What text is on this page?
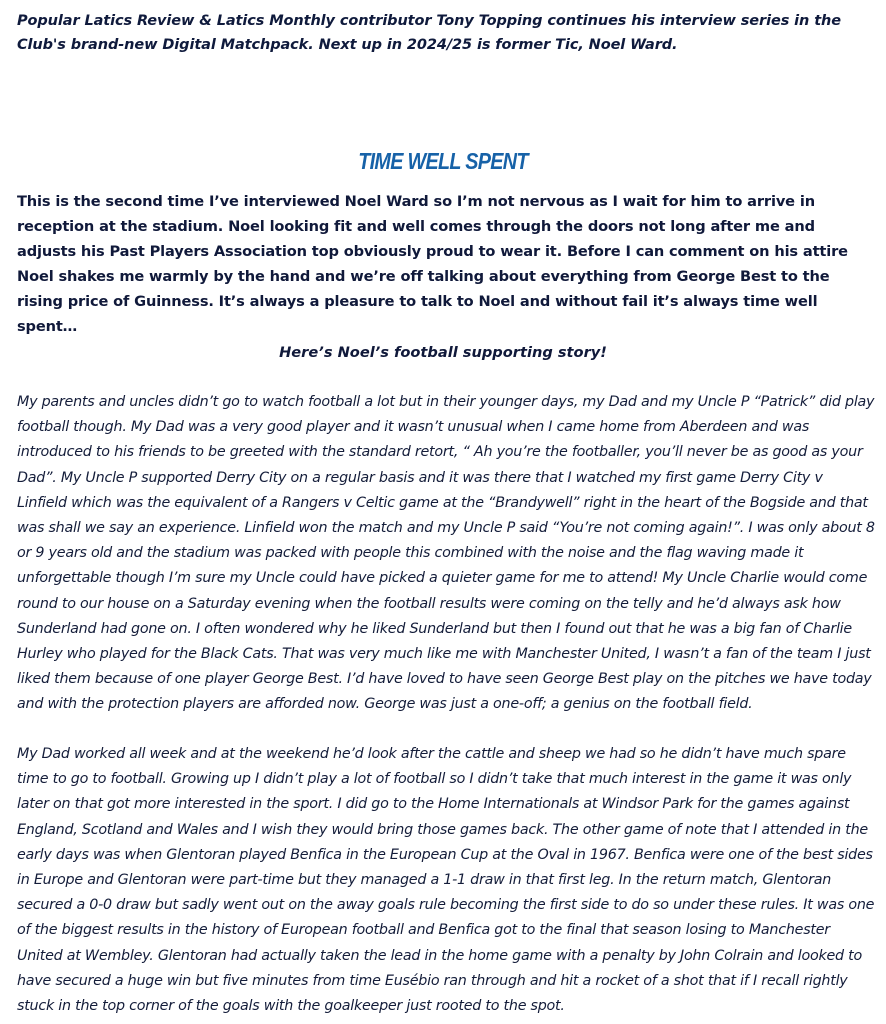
Popular Latics Review & Latics Monthly contributor Tony Topping continues his interview series in the Club's brand-new Digital Matchpack. Next up in 2024/25 is former Tic, Noel Ward.

TIME WELL SPENT

This is the second time I’ve interviewed Noel Ward so I’m not nervous as I wait for him to arrive in reception at the stadium. Noel looking fit and well comes through the doors not long after me and adjusts his Past Players Association top obviously proud to wear it. Before I can comment on his attire Noel shakes me warmly by the hand and we’re off talking about everything from George Best to the rising price of Guinness. It’s always a pleasure to talk to Noel and without fail it’s always time well spent…

Here’s Noel’s football supporting story!

My parents and uncles didn’t go to watch football a lot but in their younger days, my Dad and my Uncle P “Patrick” did play football though. My Dad was a very good player and it wasn’t unusual when I came home from Aberdeen and was introduced to his friends to be greeted with the standard retort, “ Ah you’re the footballer, you’ll never be as good as your Dad”. My Uncle P supported Derry City on a regular basis and it was there that I watched my first game Derry City v Linfield which was the equivalent of a Rangers v Celtic game at the “Brandywell” right in the heart of the Bogside and that was shall we say an experience. Linfield won the match and my Uncle P said “You’re not coming again!”. I was only about 8 or 9 years old and the stadium was packed with people this combined with the noise and the flag waving made it unforgettable though I’m sure my Uncle could have picked a quieter game for me to attend! My Uncle Charlie would come round to our house on a Saturday evening when the football results were coming on the telly and he’d always ask how Sunderland had gone on. I often wondered why he liked Sunderland but then I found out that he was a big fan of Charlie Hurley who played for the Black Cats. That was very much like me with Manchester United, I wasn’t a fan of the team I just liked them because of one player George Best. I’d have loved to have seen George Best play on the pitches we have today and with the protection players are afforded now. George was just a one-off; a genius on the football field.

My Dad worked all week and at the weekend he’d look after the cattle and sheep we had so he didn’t have much spare time to go to football. Growing up I didn’t play a lot of football so I didn’t take that much interest in the game it was only later on that got more interested in the sport. I did go to the Home Internationals at Windsor Park for the games against England, Scotland and Wales and I wish they would bring those games back. The other game of note that I attended in the early days was when Glentoran played Benfica in the European Cup at the Oval in 1967. Benfica were one of the best sides in Europe and Glentoran were part-time but they managed a 1-1 draw in that first leg. In the return match, Glentoran secured a 0-0 draw but sadly went out on the away goals rule becoming the first side to do so under these rules. It was one of the biggest results in the history of European football and Benfica got to the final that season losing to Manchester United at Wembley. Glentoran had actually taken the lead in the home game with a penalty by John Colrain and looked to have secured a huge win but five minutes from time Eusébio ran through and hit a rocket of a shot that if I recall rightly stuck in the top corner of the goals with the goalkeeper just rooted to the spot.
